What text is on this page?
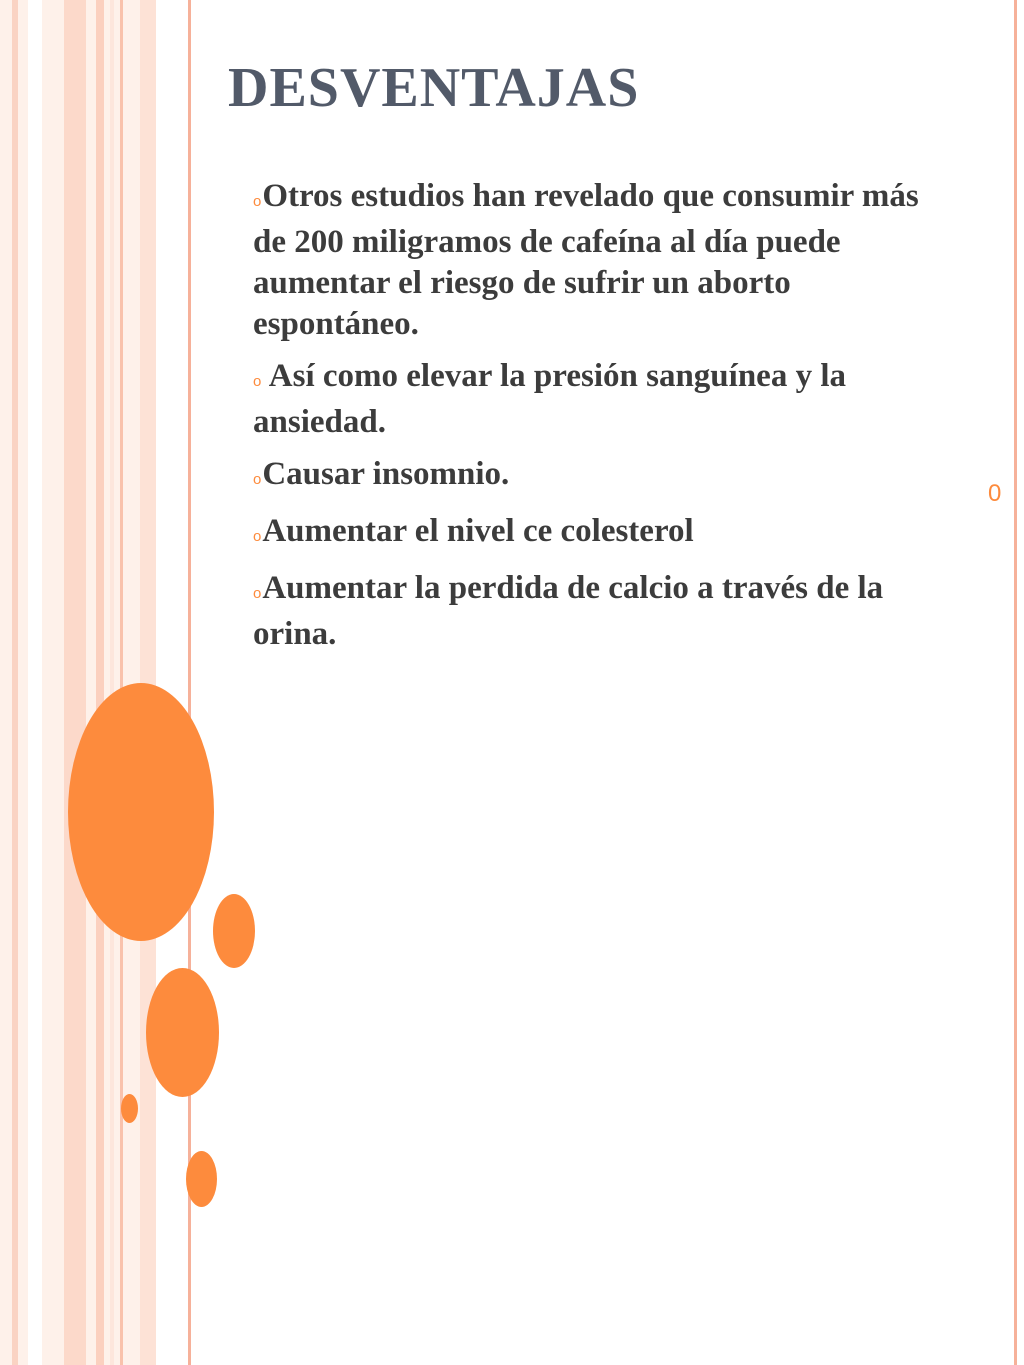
DESVENTAJAS
oOtros estudios han revelado que consumir más de 200 miligramos de cafeína al día puede aumentar el riesgo de sufrir un aborto espontáneo.
o Así como elevar la presión sanguínea y la ansiedad.
oCausar insomnio.
oAumentar el nivel ce colesterol
oAumentar la perdida de calcio a través de la orina.
0
